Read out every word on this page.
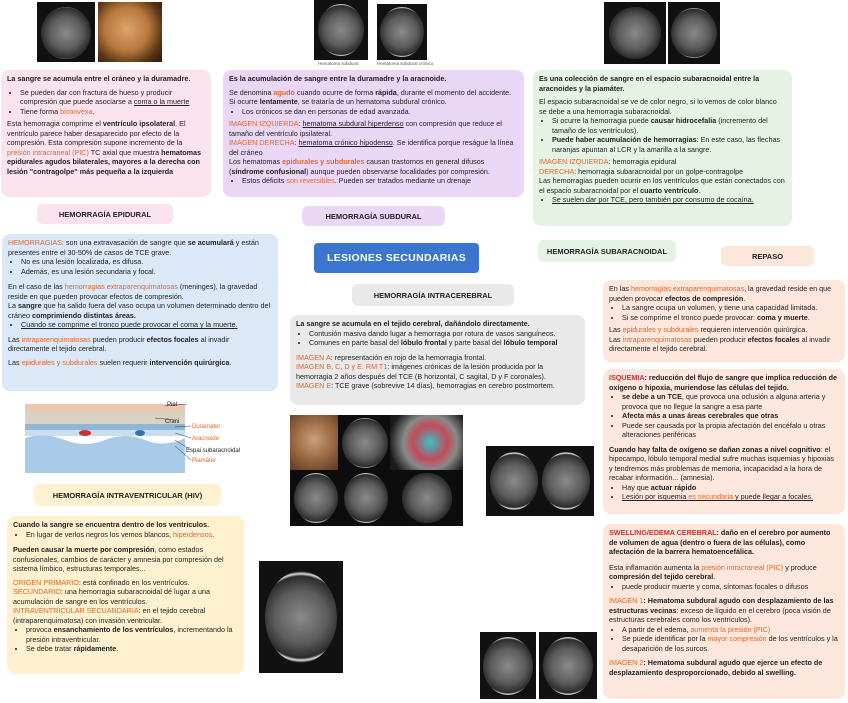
Hematoma subdural	Hematoma subdural crónico

La sangre se acumula entre el cráneo y la duramadre.

• Se pueden dar con fractura de hueso y producir compresión que puede asociarse a coma o la muerte
• Tiene forma biconvexa.

Esta hemorragia comprime el ventrículo ipsolateral. El ventrículo parece haber desaparecido por efecto de la compresión. Esta compresión supone incremento de la presión intracraneal (PIC) TC axial que muestra hematomas epidurales agudos bilaterales, mayores a la derecha con lesión "contragolpe" más pequeña a la izquierda

Es la acumulación de sangre entre la duramadre y la aracnoide.

Se denomina agudo cuando ocurre de forma rápida, durante el momento del accidente. Si ocurre lentamente, se trataría de un hematoma subdural crónico.

• Los crónicos se dan en personas de edad avanzada.

IMAGEN IZQUIERDA: hematoma subdural hiperdenso con compresión que reduce el tamaño del ventrículo ipsilateral.

IMAGEN DERECHA: hematoma crónico hipodenso. Se identifica porque reságue la línea del cráneo

Los hematomas epidurales y subdurales causan trastornos en general difusos (síndrome confusional) aunque pueden observarse focalidades por compresión.

• Estos déficits son reversibles. Pueden ser tratados mediante un drenaje

Es una colección de sangre en el espacio subaracnoidal entre la aracnoides y la piamáter.

El espacio subaracnoidal se ve de color negro, si lo vemos de color blanco se debe a una hemorragia subaracnoidal.

• Si ocurre la hemorragia puede causar hidrocefalia (incremento del tamaño de los ventrículos).
• Puede haber acumulación de hemorragias: En este caso, las flechas naranjas apuntan al LCR y la amarilla a la sangre.

IMAGEN IZQUIERDA: hemorragia epidural

DERECHA: hemorragia subaracnoidal por un golpe-contragolpe

Las hemorragias pueden ocurrir en los ventrículos que están conectados con el espacio subaracnoidal por el cuarto ventrículo.

• Se suelen dar por TCE, pero también por consumo de cocaína.
HEMORRAGÍA EPIDURAL	HEMORRAGÍA SUBDURAL
HEMORRAGÍA SUBARACNOIDAL
REPASO
LESIONES SECUNDARIAS
HEMORRAGÍA INTRACEREBRAL
HEMORRAGÍA INTRAVENTRICULAR (HIV)

HEMORRAGIAS: son una extravasación de sangre que se acumulará y están presentes entre el 30-50% de casos de TCE grave.

• No es una lesión localizada, es difusa.
• Además, es una lesión secundaria y focal.

En el caso de las hemorragias extraparenquimatosas (meninges), la gravedad reside en que pueden provocar efectos de compresión.

La sangre que ha salido fuera del vaso ocupa un volumen determinado dentro del cráneo comprimiendo distintas áreas.

• Cuando se comprime el tronco puede provocar el coma y la muerte.

Las intraparenquimatosas pueden producir efectos focales al invadir directamente el tejido cerebral.

Las epidurales y subdurales suelen requerir intervención quirúrgica.

La sangre se acumula en el tejido cerebral, dañándolo directamente.

• Contusión masiva dando lugar a hemorragia por rotura de vasos sanguíneos.
• Comunes en parte basal del lóbulo frontal y parte basal del lóbulo temporal

IMAGEN A: representación en rojo de la hemorragia frontal.

IMAGEN B, C, D y E. RM T1: imágenes crónicas de la lesión producida por la hemorragia 2 años después del TCE (B horizontal, C sagital, D y F coronales).

IMAGEN E: TCE grave (sobrevive 14 días), hemorragias en cerebro postmortem.

Piel
Crani
Duramáter
Aracnoide
Espai subaracnoidal
Piamáter

Cuando la sangre se encuentra dentro de los ventrículos.

• En lugar de verlos negros los vemos blancos, hiperdensos.

Pueden causar la muerte por compresión, como estados confusionales, cambios de carácter y amnesia por compresión del sistema límbico, estructuras temporales...

ORIGEN PRIMARIO: está confinado en los ventrículos.

SECUNDARIO: una hemorragia subaracnoidal dé lugar a una acumulación de sangre en los ventrículos.

INTRAVENTRICULAR SECUANDARIA: en el tejido cerebral (intraparenquimatosa) con invasión ventricular.

• provoca ensanchamiento de los ventrículos, incrementando la presión intraventricular.
• Se debe tratar rápidamente.

En las hemorragias extraparenquimatosas, la gravedad reside en que pueden provocar efectos de compresión.

• La sangre ocupa un volumen, y tiene una capacidad limitada.
• Si se comprime el tronco puede provocar: coma y muerte.

Las epidurales y subdurales requieren intervención quirúrgica.

Las intraparenquimatosas pueden producir efectos focales al invadir directamente el tejido cerebral.

ISQUEMIA: reducción del flujo de sangre que implica reducción de oxígeno o hipoxia, muriendose las células del tejido.

• se debe a un TCE, que provoca una oclusión a alguna arteria y provoca que no llegue la sangre a esa parte
• Afecta más a unas áreas cerebrales que otras
• Puede ser causada por la propia afectación del encéfalo u otras alteraciones periféricas

Cuando hay falta de oxígeno se dañan zonas a nivel cognitivo: el hipocampo, lóbulo temporal medial sufre muchas isquemias y hipoxias y tendremos más problemas de memoria, incapacidad a la hora de recabar información... (amnesia).

• Hay que actuar rápido
• Lesión por isquemia es secundaria y puede llegar a focales.

SWELLING/EDEMA CEREBRAL: daño en el cerebro por aumento de volumen de agua (dentro o fuera de las células), como afectación de la barrera hematoencefálica.

Esta inflamación aumenta la presión intracraneal (PIC) y produce compresión del tejido cerebral.

• puede producir muerte y coma, síntomas focales o difusos

IMAGEN 1: Hematoma subdural agudo con desplazamiento de las estructuras vecinas: exceso de líquido en el cerebro (poca visión de estructuras cerebrales como los ventrículos).

• A partir de el edema, aumenta la presión (PIC)
• Se puede identificar por la mayor compresión de los ventrículos y la desaparición de los surcos.

IMAGEN 2: Hematoma subdural agudo que ejerce un efecto de desplazamiento desproporcionado, debido al swelling.
